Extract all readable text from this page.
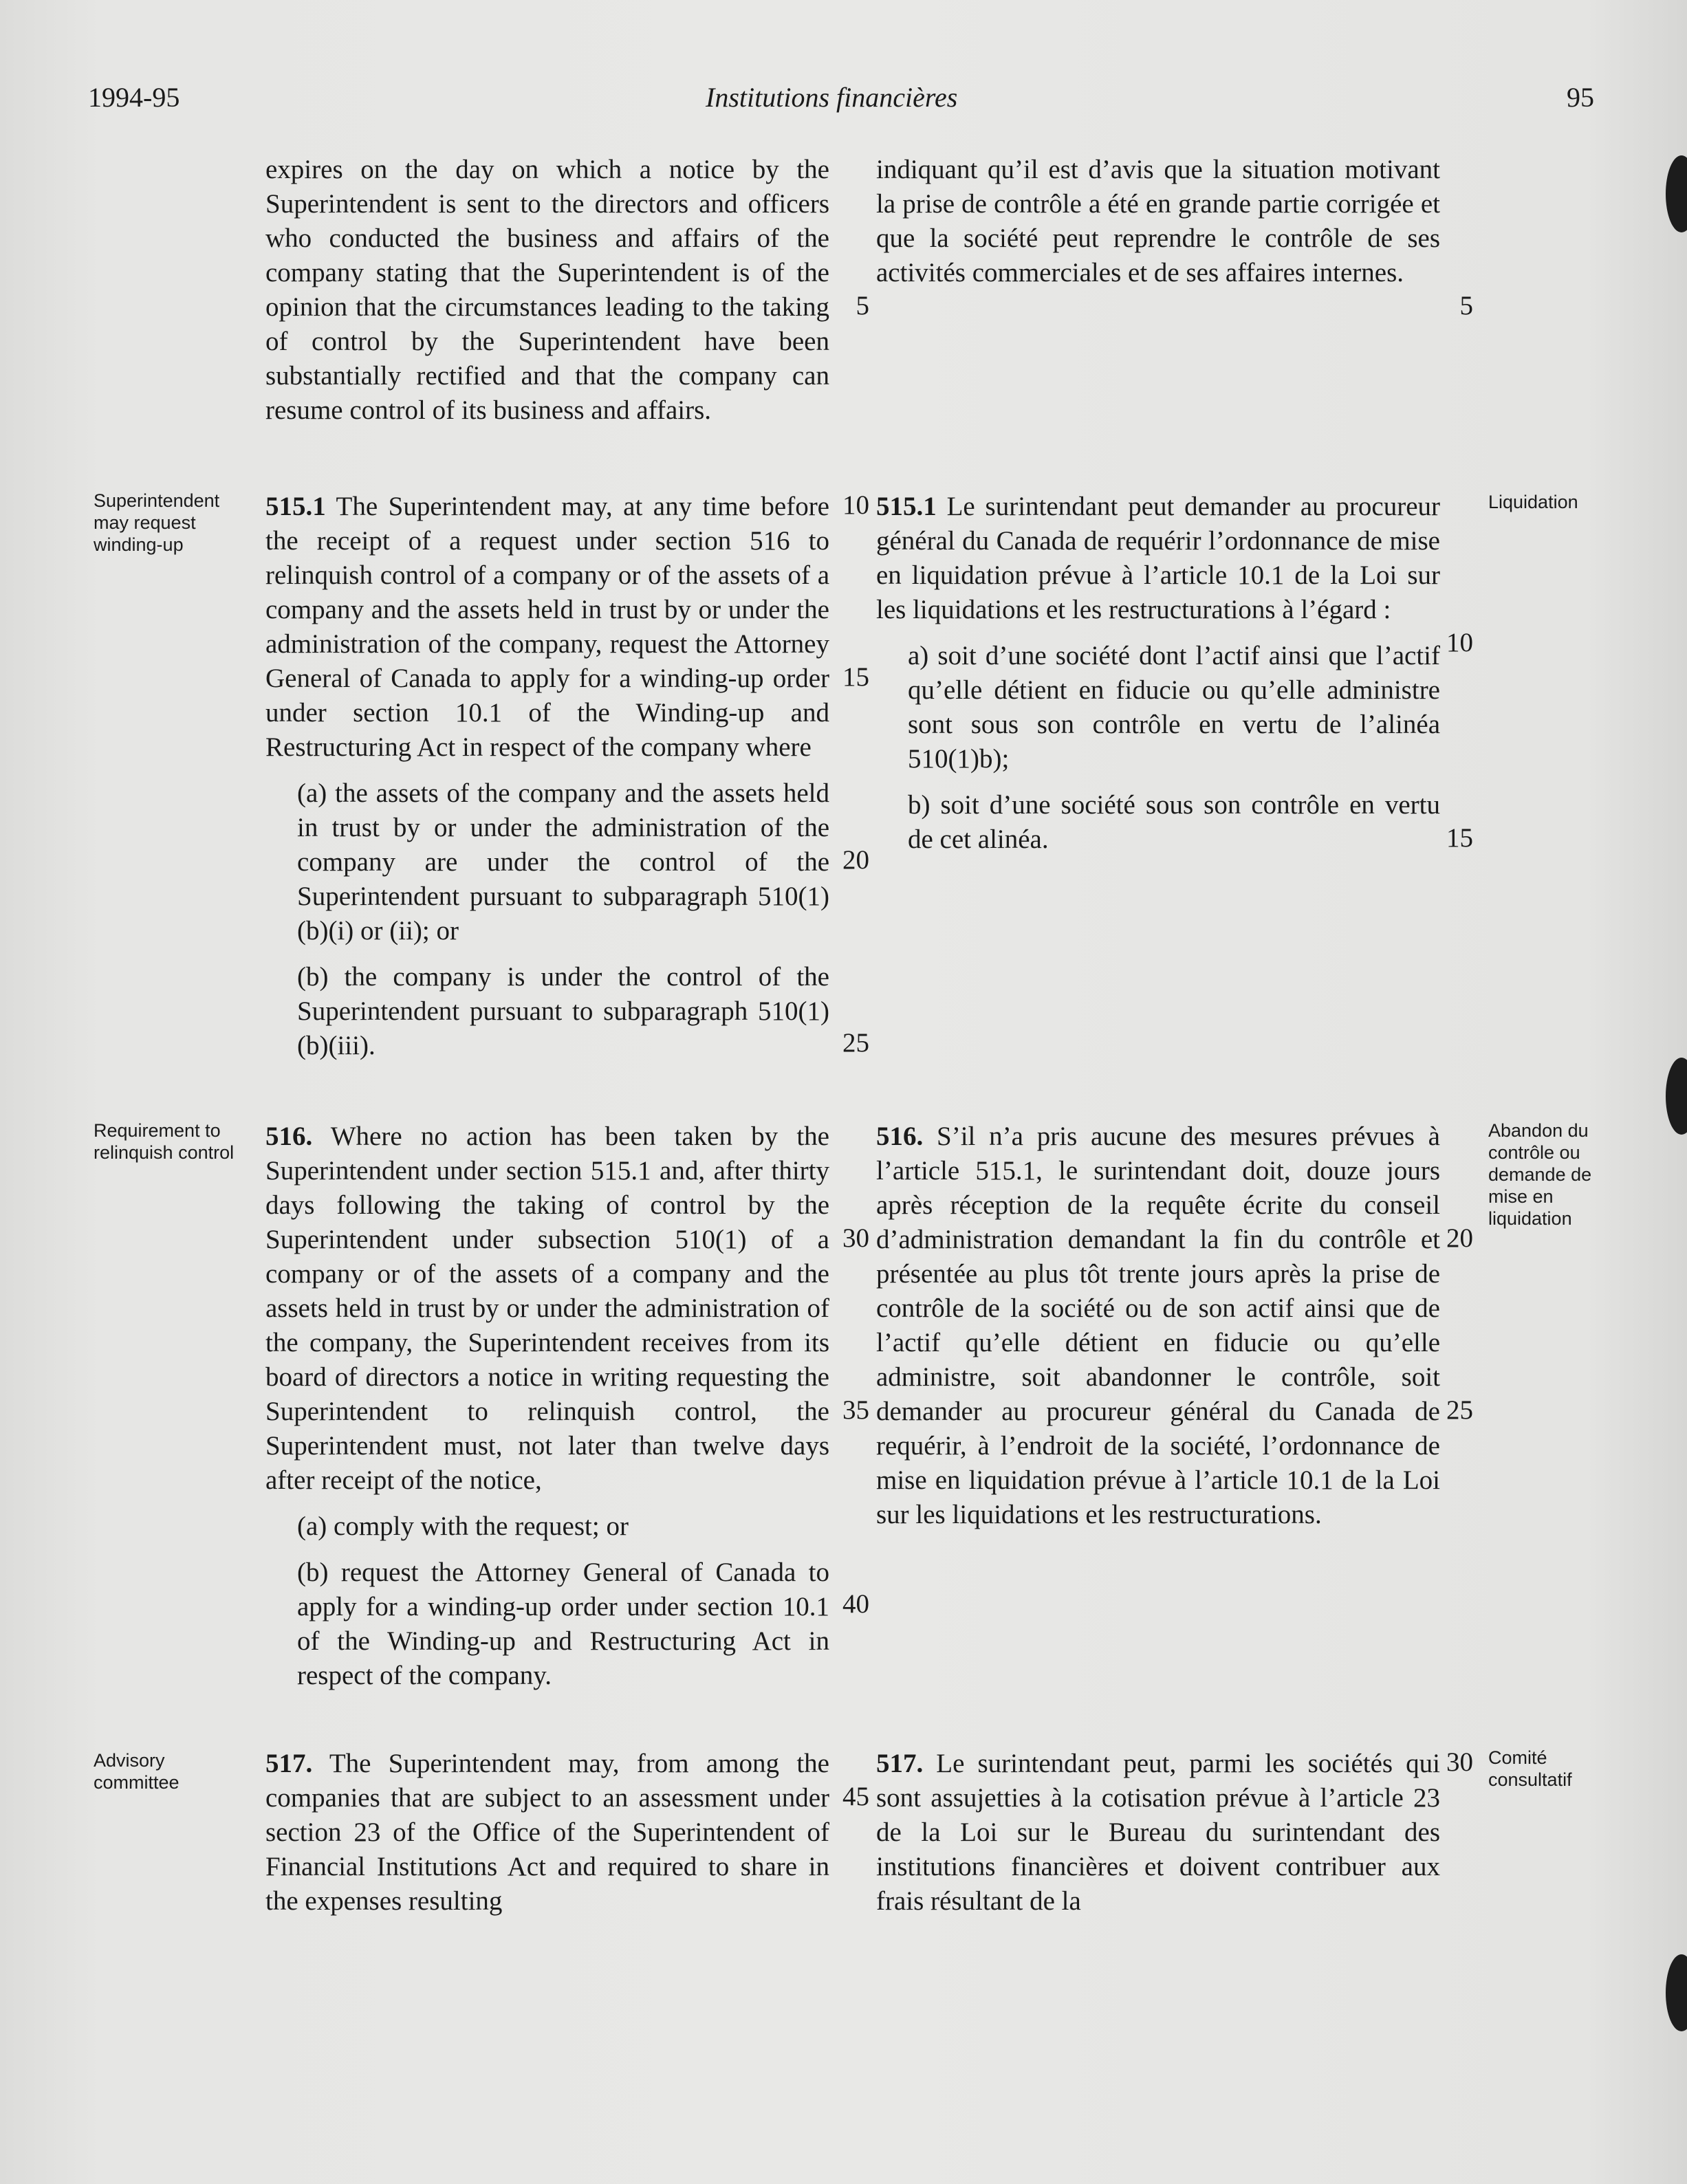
1994-95	Institutions financières	95

expires on the day on which a notice by the Superintendent is sent to the directors and officers who conducted the business and affairs of the company stating that the Superintendent is of the opinion that the circumstances leading to the taking of control by the Superintendent have been substantially rectified and that the company can resume control of its business and affairs.

515.1 The Superintendent may, at any time before the receipt of a request under section 516 to relinquish control of a company or of the assets of a company and the assets held in trust by or under the administration of the company, request the Attorney General of Canada to apply for a winding-up order under section 10.1 of the Winding-up and Restructuring Act in respect of the company where

(a) the assets of the company and the assets held in trust by or under the administration of the company are under the control of the Superintendent pursuant to subparagraph 510(1)(b)(i) or (ii); or

(b) the company is under the control of the Superintendent pursuant to subparagraph 510(1)(b)(iii).

516. Where no action has been taken by the Superintendent under section 515.1 and, after thirty days following the taking of control by the Superintendent under subsection 510(1) of a company or of the assets of a company and the assets held in trust by or under the administration of the company, the Superintendent receives from its board of directors a notice in writing requesting the Superintendent to relinquish control, the Superintendent must, not later than twelve days after receipt of the notice,

(a) comply with the request; or

(b) request the Attorney General of Canada to apply for a winding-up order under section 10.1 of the Winding-up and Restructuring Act in respect of the company.

517. The Superintendent may, from among the companies that are subject to an assessment under section 23 of the Office of the Superintendent of Financial Institutions Act and required to share in the expenses resulting

indiquant qu’il est d’avis que la situation motivant la prise de contrôle a été en grande partie corrigée et que la société peut reprendre le contrôle de ses activités commerciales et de ses affaires internes.

515.1 Le surintendant peut demander au procureur général du Canada de requérir l’ordonnance de mise en liquidation prévue à l’article 10.1 de la Loi sur les liquidations et les restructurations à l’égard :

a) soit d’une société dont l’actif ainsi que l’actif qu’elle détient en fiducie ou qu’elle administre sont sous son contrôle en vertu de l’alinéa 510(1)b);

b) soit d’une société sous son contrôle en vertu de cet alinéa.

516. S’il n’a pris aucune des mesures prévues à l’article 515.1, le surintendant doit, douze jours après réception de la requête écrite du conseil d’administration demandant la fin du contrôle et présentée au plus tôt trente jours après la prise de contrôle de la société ou de son actif ainsi que de l’actif qu’elle détient en fiducie ou qu’elle administre, soit abandonner le contrôle, soit demander au procureur général du Canada de requérir, à l’endroit de la société, l’ordonnance de mise en liquidation prévue à l’article 10.1 de la Loi sur les liquidations et les restructurations.

517. Le surintendant peut, parmi les sociétés qui sont assujetties à la cotisation prévue à l’article 23 de la Loi sur le Bureau du surintendant des institutions financières et doivent contribuer aux frais résultant de la

5
10
15
20
25
30
35
40
45
5
10
15
20
25
30

Superintendent may request winding-up

Requirement to relinquish control

Advisory committee

Liquidation

Abandon du contrôle ou demande de mise en liquidation

Comité consultatif
